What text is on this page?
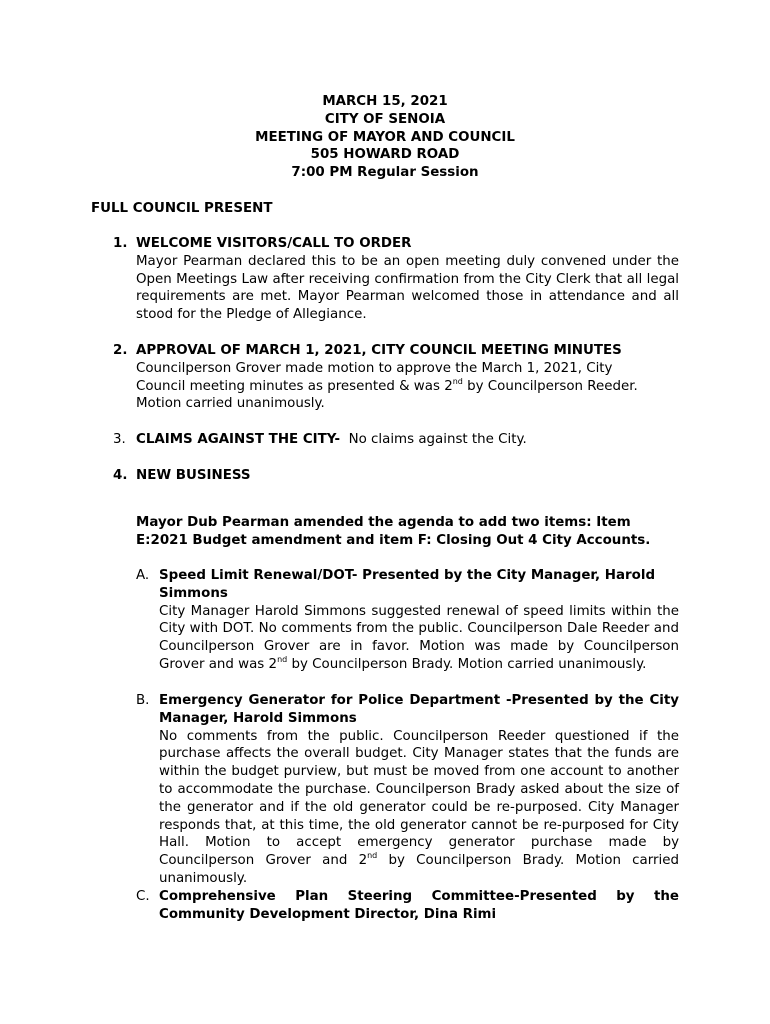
MARCH 15, 2021
CITY OF SENOIA
MEETING OF MAYOR AND COUNCIL
505 HOWARD ROAD
7:00 PM Regular Session
FULL COUNCIL PRESENT
1. WELCOME VISITORS/CALL TO ORDER
Mayor Pearman declared this to be an open meeting duly convened under the Open Meetings Law after receiving confirmation from the City Clerk that all legal requirements are met. Mayor Pearman welcomed those in attendance and all stood for the Pledge of Allegiance.
2. APPROVAL OF MARCH 1, 2021, CITY COUNCIL MEETING MINUTES
Councilperson Grover made motion to approve the March 1, 2021, City
Council meeting minutes as presented & was 2nd by Councilperson Reeder.
Motion carried unanimously.
3. CLAIMS AGAINST THE CITY- No claims against the City.
4. NEW BUSINESS
Mayor Dub Pearman amended the agenda to add two items: Item E:2021 Budget amendment and item F: Closing Out 4 City Accounts.
A. Speed Limit Renewal/DOT- Presented by the City Manager, Harold Simmons
City Manager Harold Simmons suggested renewal of speed limits within the City with DOT. No comments from the public. Councilperson Dale Reeder and Councilperson Grover are in favor. Motion was made by Councilperson Grover and was 2nd by Councilperson Brady. Motion carried unanimously.
B. Emergency Generator for Police Department -Presented by the City Manager, Harold Simmons
No comments from the public. Councilperson Reeder questioned if the purchase affects the overall budget. City Manager states that the funds are within the budget purview, but must be moved from one account to another to accommodate the purchase. Councilperson Brady asked about the size of the generator and if the old generator could be re-purposed. City Manager responds that, at this time, the old generator cannot be re-purposed for City Hall. Motion to accept emergency generator purchase made by Councilperson Grover and 2nd by Councilperson Brady. Motion carried unanimously.
C. Comprehensive Plan Steering Committee-Presented by the Community Development Director, Dina Rimi
